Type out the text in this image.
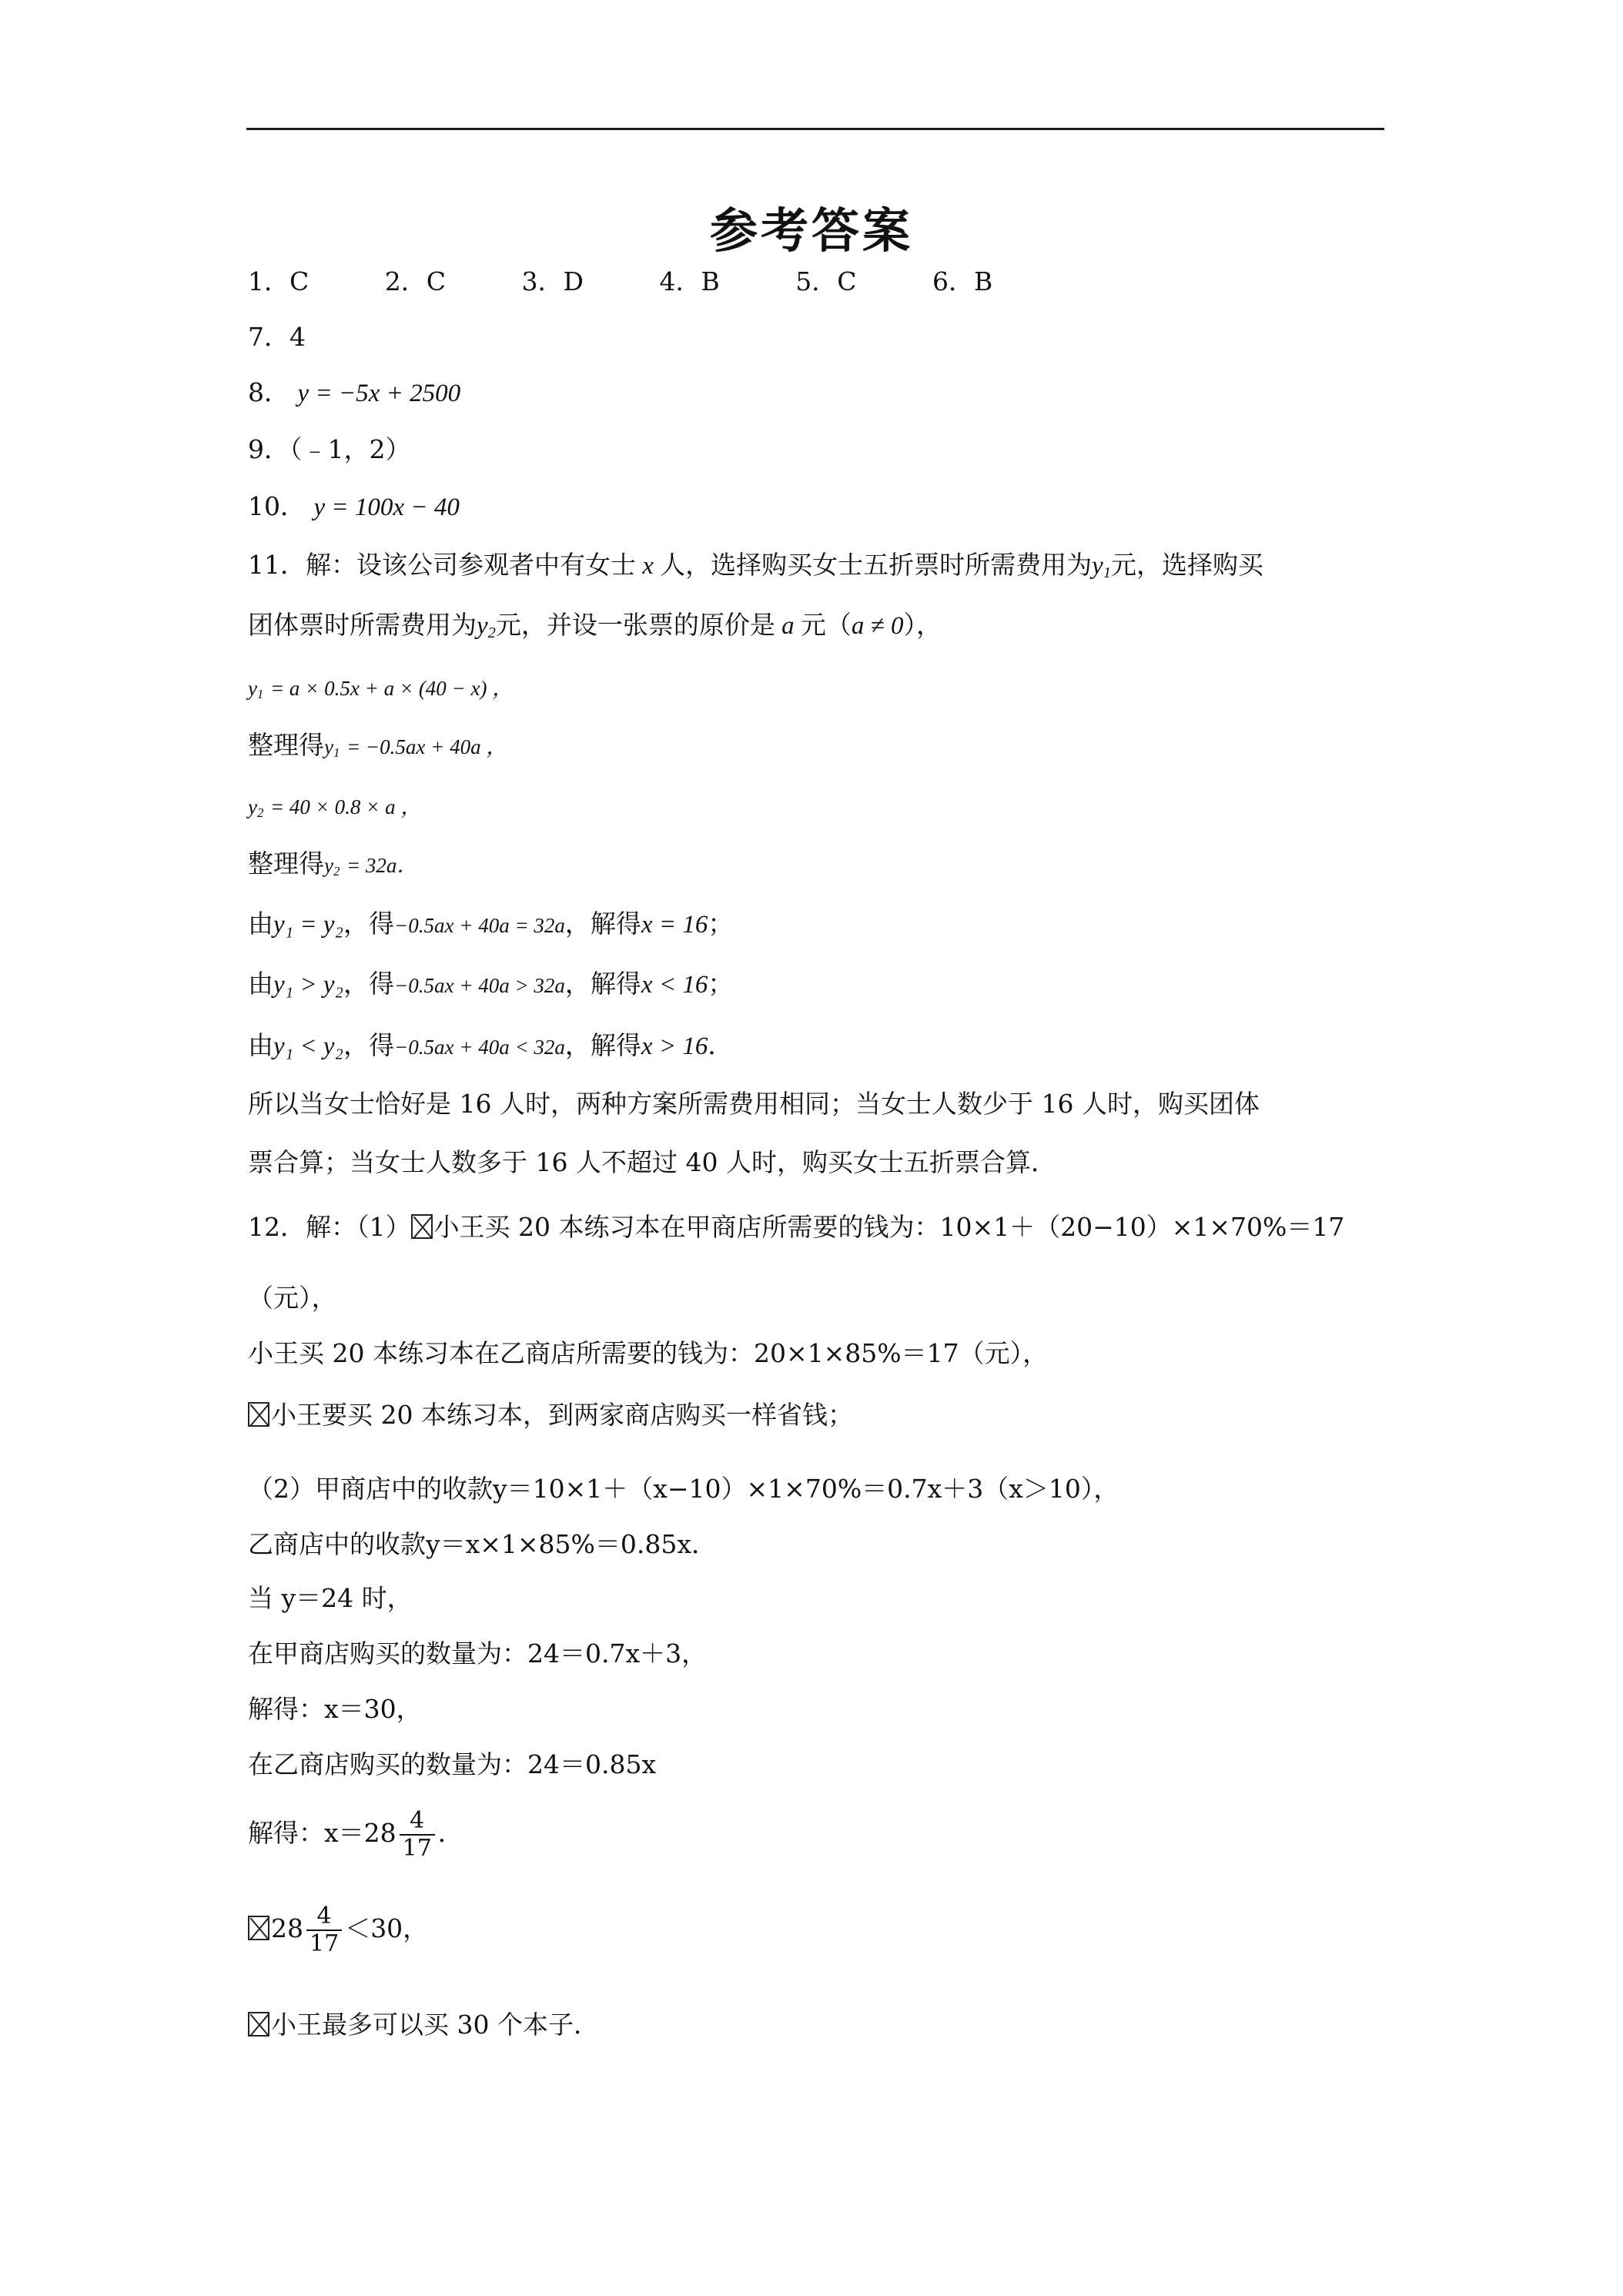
参考答案
1．C	2．C	3．D	4．B	5．C	6．B
7．4
8． y = −5x + 2500
9．（﹣1，2）
10． y = 100x − 40
11．解：设该公司参观者中有女士 x 人，选择购买女士五折票时所需费用为$y_1$元，选择购买
团体票时所需费用为$y_2$元，并设一张票的原价是 a 元（a ≠ 0），
$y_1 = a \times 0.5x + a \times (40 - x)$ ，
整理得$y_1 = -0.5ax + 40a$ ，
$y_2 = 40 \times 0.8 \times a$ ，
整理得$y_2 = 32a$．
由y₁ = y₂，得−0.5ax + 40a = 32a，解得x = 16；
由y₁ > y₂，得−0.5ax + 40a > 32a，解得x < 16；
由y₁ < y₂，得−0.5ax + 40a < 32a，解得x > 16．
所以当女士恰好是 16 人时，两种方案所需费用相同；当女士人数少于 16 人时，购买团体
票合算；当女士人数多于 16 人不超过 40 人时，购买女士五折票合算．
12．解：（1） 小王买 20 本练习本在甲商店所需要的钱为：10×1＋（20−10）×1×70%＝17
（元），
小王买 20 本练习本在乙商店所需要的钱为：20×1×85%＝17（元），
小王要买 20 本练习本，到两家商店购买一样省钱；
（2）甲商店中的收款y＝10×1＋（x−10）×1×70%＝0.7x＋3（x＞10），
乙商店中的收款y＝x×1×85%＝0.85x．
当 y＝24 时，
在甲商店购买的数量为：24＝0.7x＋3，
解得：x＝30，
在乙商店购买的数量为：24＝0.85x
解得：$x=28 \frac{4}{17}$ ．
$28 \frac{4}{17} <30$，
小王最多可以买 30 个本子．
